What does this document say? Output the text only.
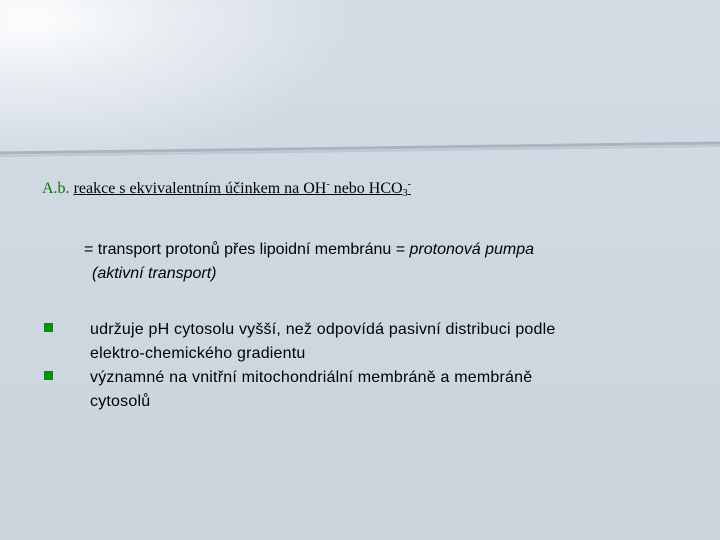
A.b. reakce s ekvivalentním účinkem na OH- nebo $HCO_3^-$
= transport protonů přes lipoidní membránu = protonová pumpa
(aktivní transport)
udržuje pH cytosolu vyšší, než odpovídá pasivní distribuci podle
elektro-chemického gradientu
významné na vnitřní mitochondriální membráně a membráně
cytosolů
